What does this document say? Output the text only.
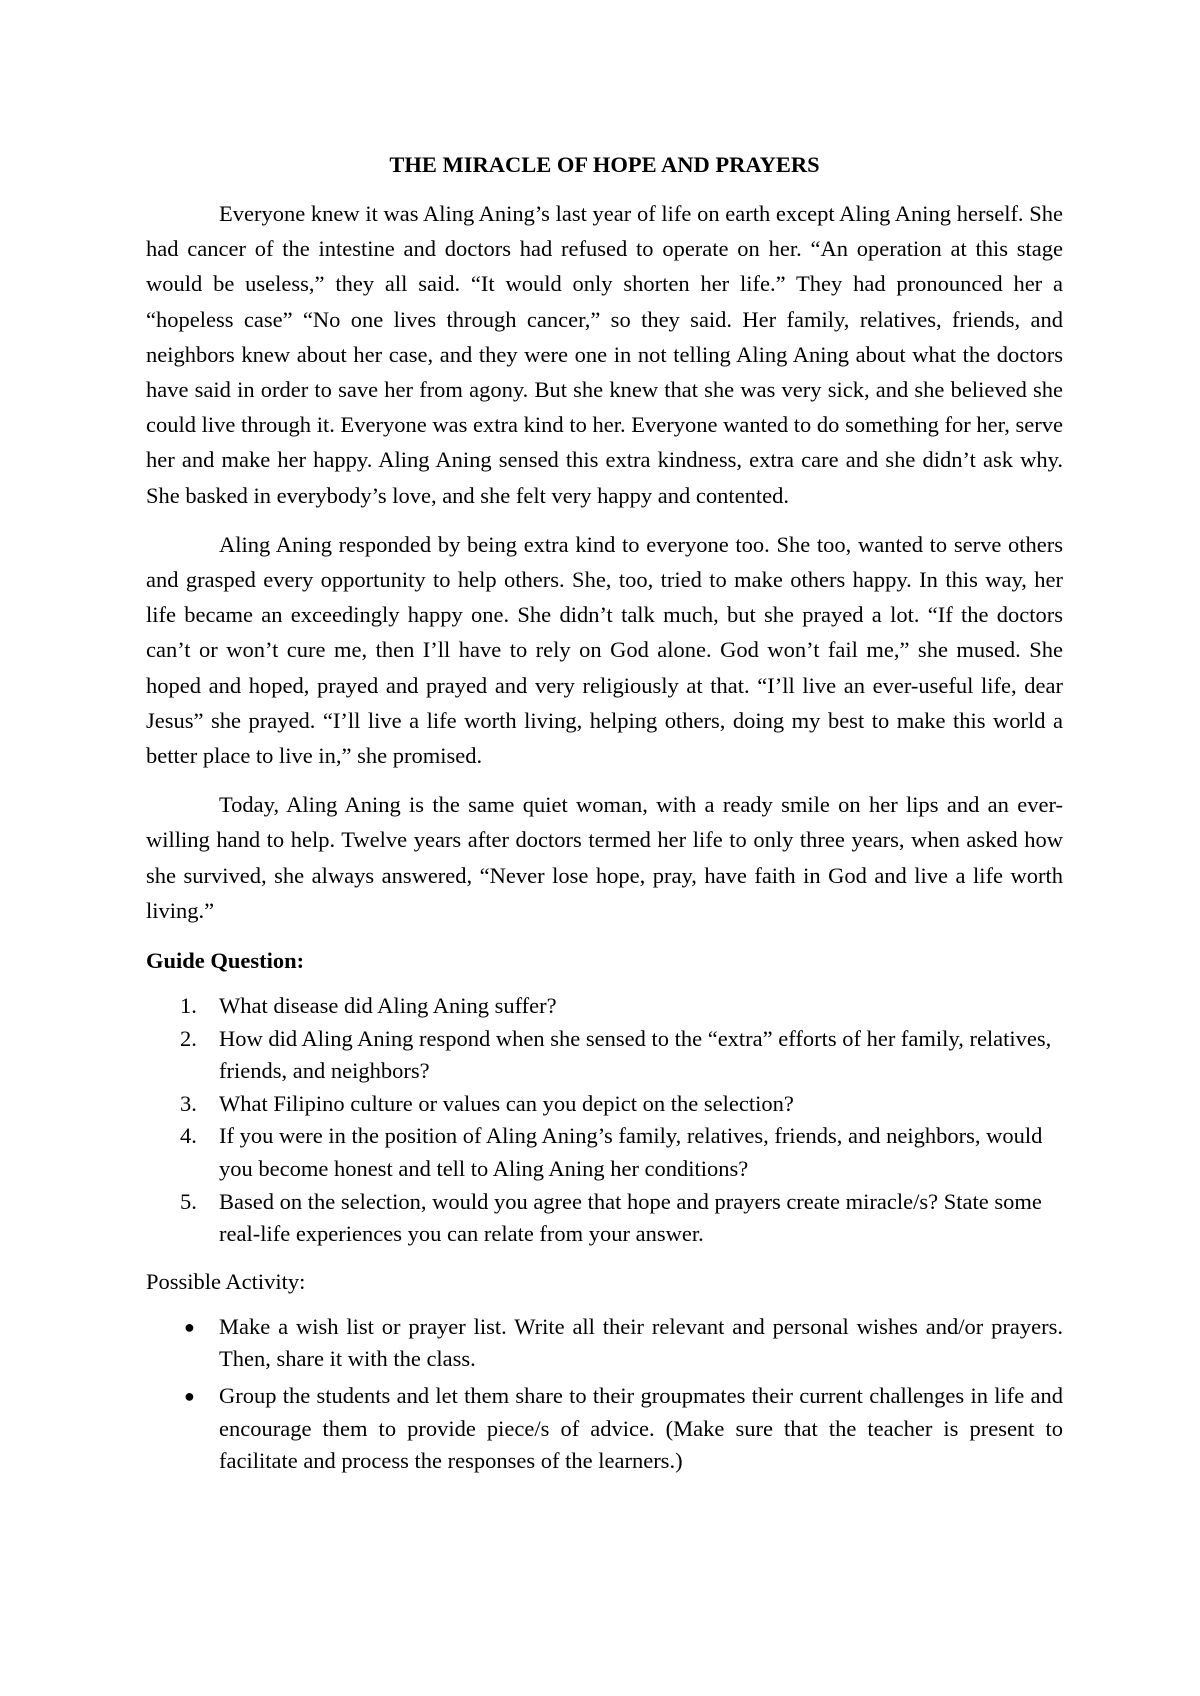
THE MIRACLE OF HOPE AND PRAYERS

Everyone knew it was Aling Aning’s last year of life on earth except Aling Aning herself. She had cancer of the intestine and doctors had refused to operate on her. “An operation at this stage would be useless,” they all said. “It would only shorten her life.” They had pronounced her a “hopeless case” “No one lives through cancer,” so they said. Her family, relatives, friends, and neighbors knew about her case, and they were one in not telling Aling Aning about what the doctors have said in order to save her from agony. But she knew that she was very sick, and she believed she could live through it. Everyone was extra kind to her. Everyone wanted to do something for her, serve her and make her happy. Aling Aning sensed this extra kindness, extra care and she didn’t ask why. She basked in everybody’s love, and she felt very happy and contented.

Aling Aning responded by being extra kind to everyone too. She too, wanted to serve others and grasped every opportunity to help others. She, too, tried to make others happy. In this way, her life became an exceedingly happy one. She didn’t talk much, but she prayed a lot. “If the doctors can’t or won’t cure me, then I’ll have to rely on God alone. God won’t fail me,” she mused. She hoped and hoped, prayed and prayed and very religiously at that. “I’ll live an ever-useful life, dear Jesus” she prayed. “I’ll live a life worth living, helping others, doing my best to make this world a better place to live in,” she promised.

Today, Aling Aning is the same quiet woman, with a ready smile on her lips and an ever-willing hand to help. Twelve years after doctors termed her life to only three years, when asked how she survived, she always answered, “Never lose hope, pray, have faith in God and live a life worth living.”

Guide Question:
1. What disease did Aling Aning suffer?
2. How did Aling Aning respond when she sensed to the “extra” efforts of her family, relatives, friends, and neighbors?
3. What Filipino culture or values can you depict on the selection?
4. If you were in the position of Aling Aning’s family, relatives, friends, and neighbors, would you become honest and tell to Aling Aning her conditions?
5. Based on the selection, would you agree that hope and prayers create miracle/s? State some real-life experiences you can relate from your answer.
Possible Activity:
● Make a wish list or prayer list. Write all their relevant and personal wishes and/or prayers. Then, share it with the class.
● Group the students and let them share to their groupmates their current challenges in life and encourage them to provide piece/s of advice. (Make sure that the teacher is present to facilitate and process the responses of the learners.)
